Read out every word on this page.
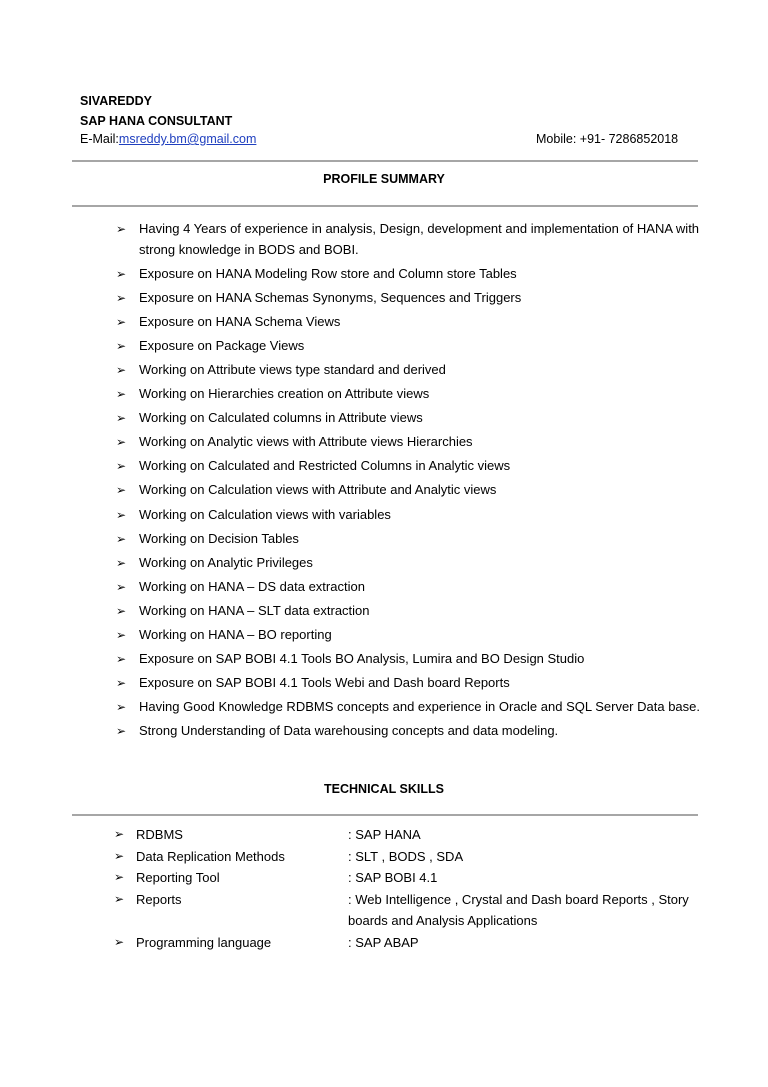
SIVAREDDY
SAP HANA CONSULTANT
E-Mail:msreddy.bm@gmail.com	Mobile: +91- 7286852018
PROFILE SUMMARY
➢ Having 4 Years of experience in analysis, Design, development and implementation of HANA with strong knowledge in BODS and BOBI.
➢ Exposure on HANA Modeling Row store and Column store Tables
➢ Exposure on HANA Schemas Synonyms, Sequences and Triggers
➢ Exposure on HANA Schema Views
➢ Exposure on Package Views
➢ Working on Attribute views type standard and derived
➢ Working on Hierarchies creation on Attribute views
➢ Working on Calculated columns in Attribute views
➢ Working on Analytic views with Attribute views Hierarchies
➢ Working on Calculated and Restricted Columns in Analytic views
➢ Working on Calculation views with Attribute and Analytic views
➢ Working on Calculation views with variables
➢ Working on Decision Tables
➢ Working on Analytic Privileges
➢ Working on HANA – DS data extraction
➢ Working on HANA – SLT data extraction
➢ Working on HANA – BO reporting
➢ Exposure on SAP BOBI 4.1 Tools BO Analysis, Lumira and BO Design Studio
➢ Exposure on SAP BOBI 4.1 Tools Webi and Dash board Reports
➢ Having Good Knowledge RDBMS concepts and experience in Oracle and SQL Server Data base.
➢ Strong Understanding of Data warehousing concepts and data modeling.
TECHNICAL SKILLS
➢ RDBMS	: SAP HANA
➢ Data Replication Methods	: SLT , BODS , SDA
➢ Reporting Tool	: SAP BOBI 4.1
➢ Reports	: Web Intelligence , Crystal and Dash board Reports , Story boards and Analysis Applications
➢ Programming language	: SAP ABAP
